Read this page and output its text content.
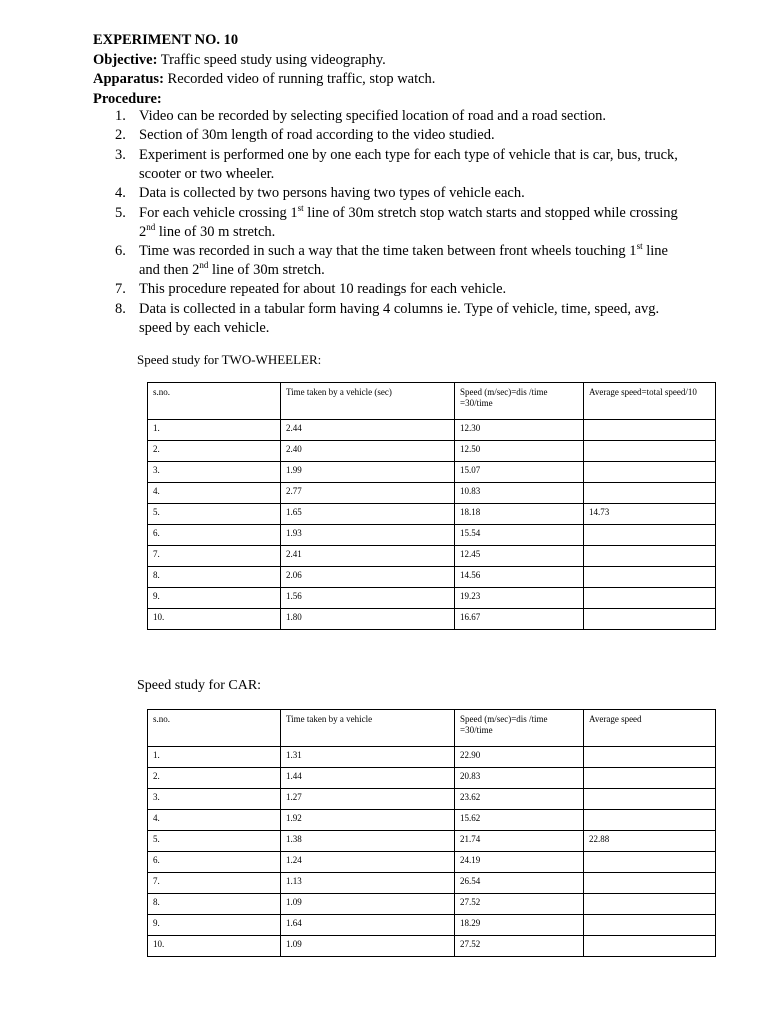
EXPERIMENT NO. 10
Objective: Traffic speed study using videography.
Apparatus: Recorded video of running traffic, stop watch.
Procedure:
1. Video can be recorded by selecting specified location of road and a road section.
2. Section of 30m length of road according to the video studied.
3. Experiment is performed one by one each type for each type of vehicle that is car, bus, truck, scooter or two wheeler.
4. Data is collected by two persons having two types of vehicle each.
5. For each vehicle crossing 1st line of 30m stretch stop watch starts and stopped while crossing 2nd line of 30 m stretch.
6. Time was recorded in such a way that the time taken between front wheels touching 1st line and then 2nd line of 30m stretch.
7. This procedure repeated for about 10 readings for each vehicle.
8. Data is collected in a tabular form having 4 columns ie. Type of vehicle, time, speed, avg. speed by each vehicle.
Speed study for TWO-WHEELER:
s.no.	Time taken by a vehicle (sec)	Speed (m/sec)=dis /time =30/time	Average speed=total speed/10
1.	2.44	12.30	
2.	2.40	12.50	
3.	1.99	15.07	
4.	2.77	10.83	
5.	1.65	18.18	14.73
6.	1.93	15.54	
7.	2.41	12.45	
8.	2.06	14.56	
9.	1.56	19.23	
10.	1.80	16.67	
Speed study for CAR:
s.no.	Time taken by a vehicle	Speed (m/sec)=dis /time =30/time	Average speed
1.	1.31	22.90	
2.	1.44	20.83	
3.	1.27	23.62	
4.	1.92	15.62	
5.	1.38	21.74	22.88
6.	1.24	24.19	
7.	1.13	26.54	
8.	1.09	27.52	
9.	1.64	18.29	
10.	1.09	27.52	
